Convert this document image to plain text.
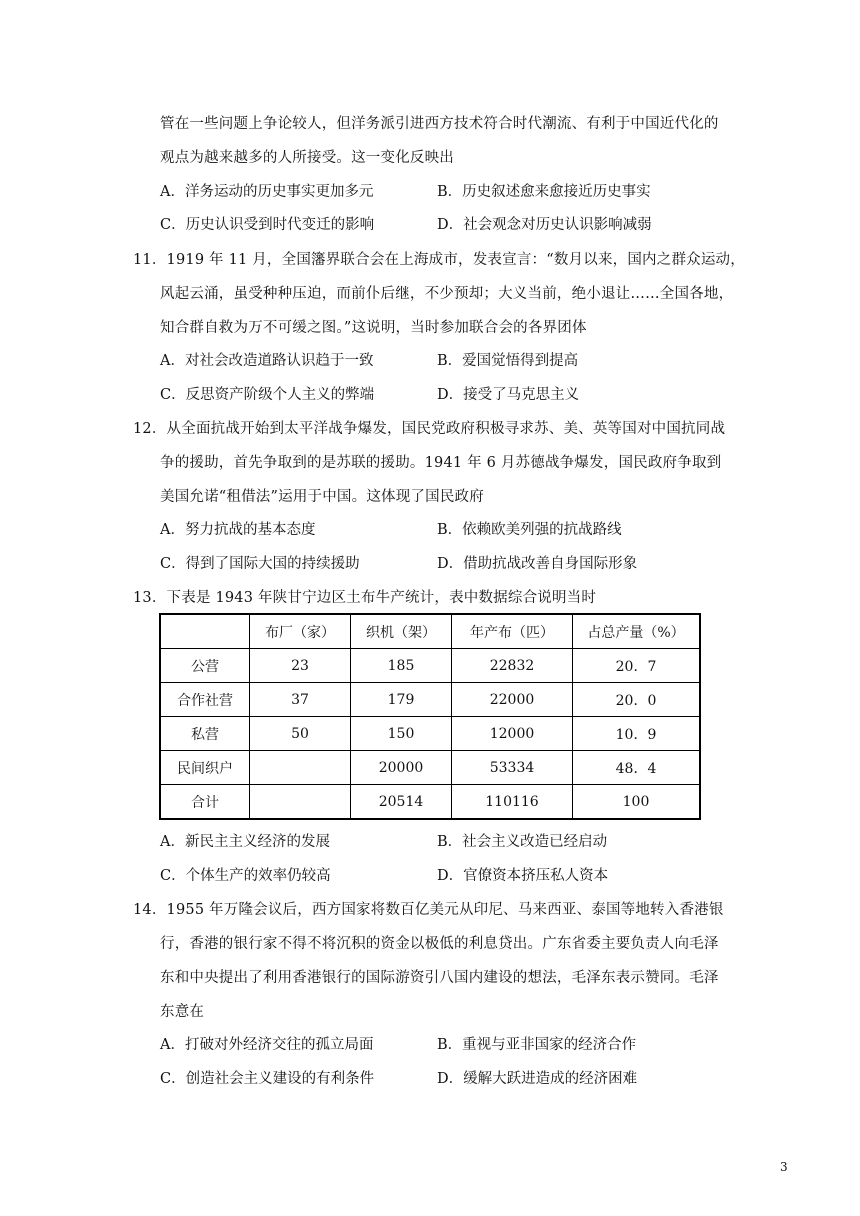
管在一些问题上争论较人，但洋务派引进西方技术符合时代潮流、有利于中国近代化的
观点为越来越多的人所接受。这一变化反映出
A．洋务运动的历史事实更加多元	B．历史叙述愈来愈接近历史事实
C．历史认识受到时代变迁的影响	D．社会观念对历史认识影响减弱
11．1919 年 11 月，全国籓界联合会在上海成市，发表宣言：“数月以来，国内之群众运动，
风起云涌，虽受种种压迫，而前仆后继，不少预却；大义当前，绝小退让……全国各地，
知合群自救为万不可缓之图。”这说明，当时参加联合会的各界团体
A．对社会改造道路认识趋于一致	B．爱国觉悟得到提高
C．反思资产阶级个人主义的弊端	D．接受了马克思主义
12．从全面抗战开始到太平洋战争爆发，国民党政府积极寻求苏、美、英等国对中国抗同战
争的援助，首先争取到的是苏联的援助。1941 年 6 月苏德战争爆发，国民政府争取到
美国允诺“租借法”运用于中国。这体现了国民政府
A．努力抗战的基本态度	B．依赖欧美列强的抗战路线
C．得到了国际大国的持续援助	D．借助抗战改善自身国际形象
13．下表是 1943 年陕甘宁边区土布牛产统计，表中数据综合说明当时
	布厂（家）	织机（架）	年产布（匹）	占总产量（%）
公营	23	185	22832	20．7
合作社营	37	179	22000	20．0
私营	50	150	12000	10．9
民间织户		20000	53334	48．4
合计		20514	110116	100
A．新民主主义经济的发展	B．社会主义改造已经启动
C．个体生产的效率仍较高	D．官僚资本挤压私人资本
14．1955 年万隆会议后，西方国家将数百亿美元从印尼、马来西亚、泰国等地转入香港银
行，香港的银行家不得不将沉积的资金以极低的利息贷出。广东省委主要负责人向毛泽
东和中央提出了利用香港银行的国际游资引八国内建设的想法，毛泽东表示赞同。毛泽
东意在
A．打破对外经济交往的孤立局面	B．重视与亚非国家的经济合作
C．创造社会主义建设的有利条件	D．缓解大跃进造成的经济困难
3
